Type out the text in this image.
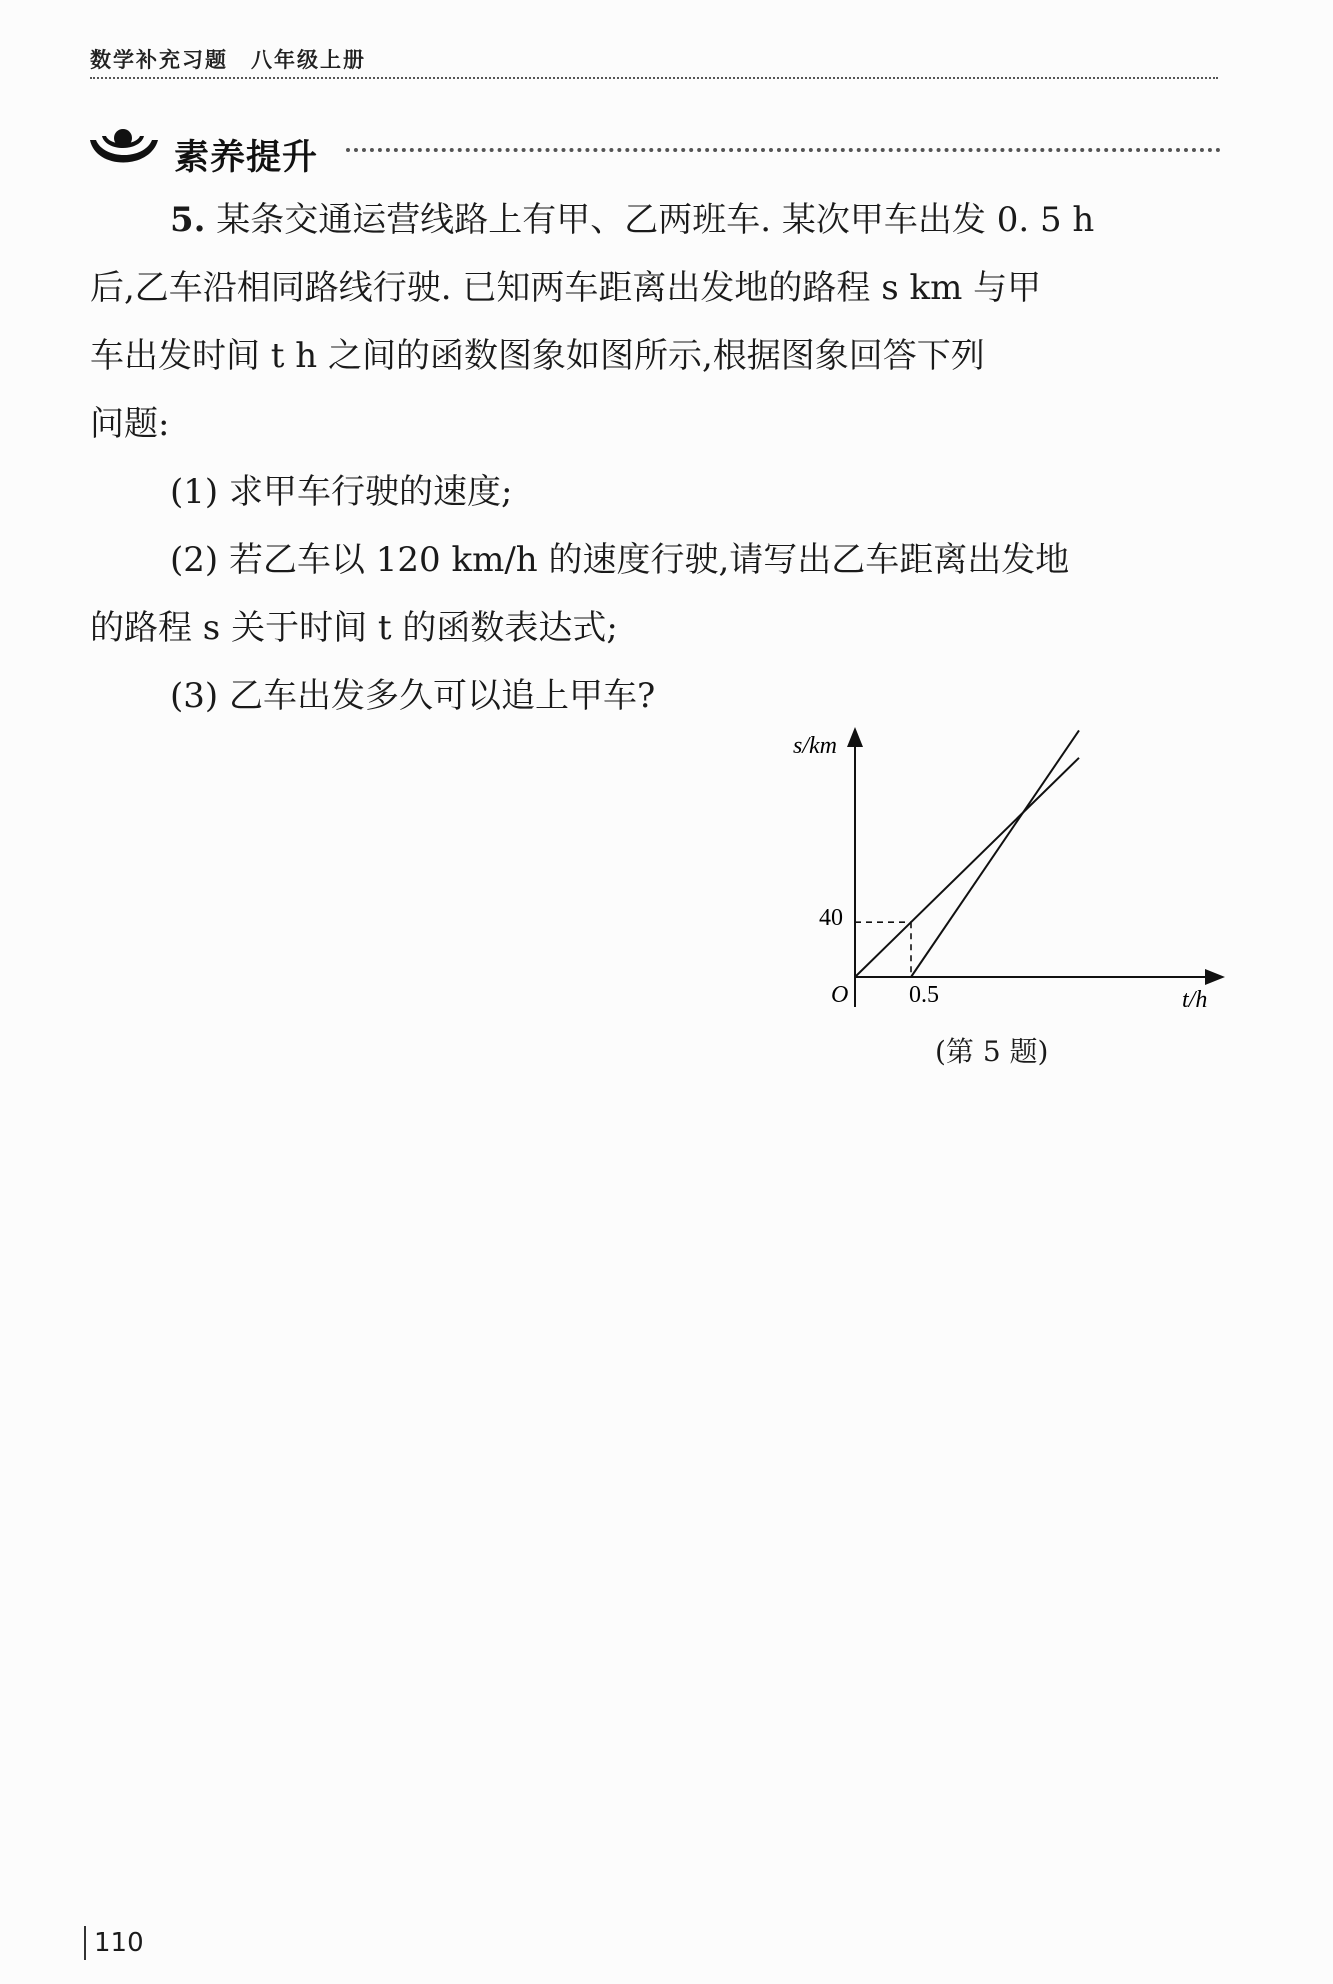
数学补充习题　八年级上册
素养提升

5. 某条交通运营线路上有甲、乙两班车. 某次甲车出发 0. 5 h

后,乙车沿相同路线行驶. 已知两车距离出发地的路程 s km 与甲

车出发时间 t h 之间的函数图象如图所示,根据图象回答下列

问题:

(1) 求甲车行驶的速度;

(2) 若乙车以 120 km/h 的速度行驶,请写出乙车距离出发地

的路程 s 关于时间 t 的函数表达式;

(3) 乙车出发多久可以追上甲车?

s/km
t/h
O
40
0.5
(第 5 题)
110
